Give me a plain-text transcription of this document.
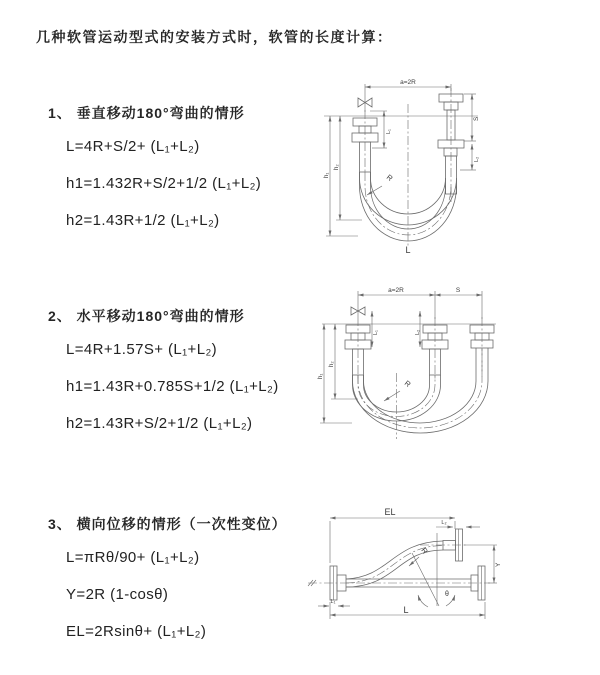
几种软管运动型式的安装方式时，软管的长度计算：
1、 垂直移动180°弯曲的情形
L=4R+S/2+ (L₁+L₂)
h1=1.432R+S/2+1/2 (L₁+L₂)
h2=1.43R+1/2 (L₁+L₂)
a=2R
S
L₂
L₁
h₁
h₂
R
L
2、 水平移动180°弯曲的情形
L=4R+1.57S+ (L₁+L₂)
h1=1.43R+0.785S+1/2 (L₁+L₂)
h2=1.43R+S/2+1/2 (L₁+L₂)
a=2R	S
L₁	L₂
h₁
h₂
R
3、 横向位移的情形（一次性变位）
L=πRθ/90+ (L₁+L₂)
Y=2R (1-cosθ)
EL=2Rsinθ+ (L₁+L₂)
EL
L₂
Y
R
θ
L₁
L
